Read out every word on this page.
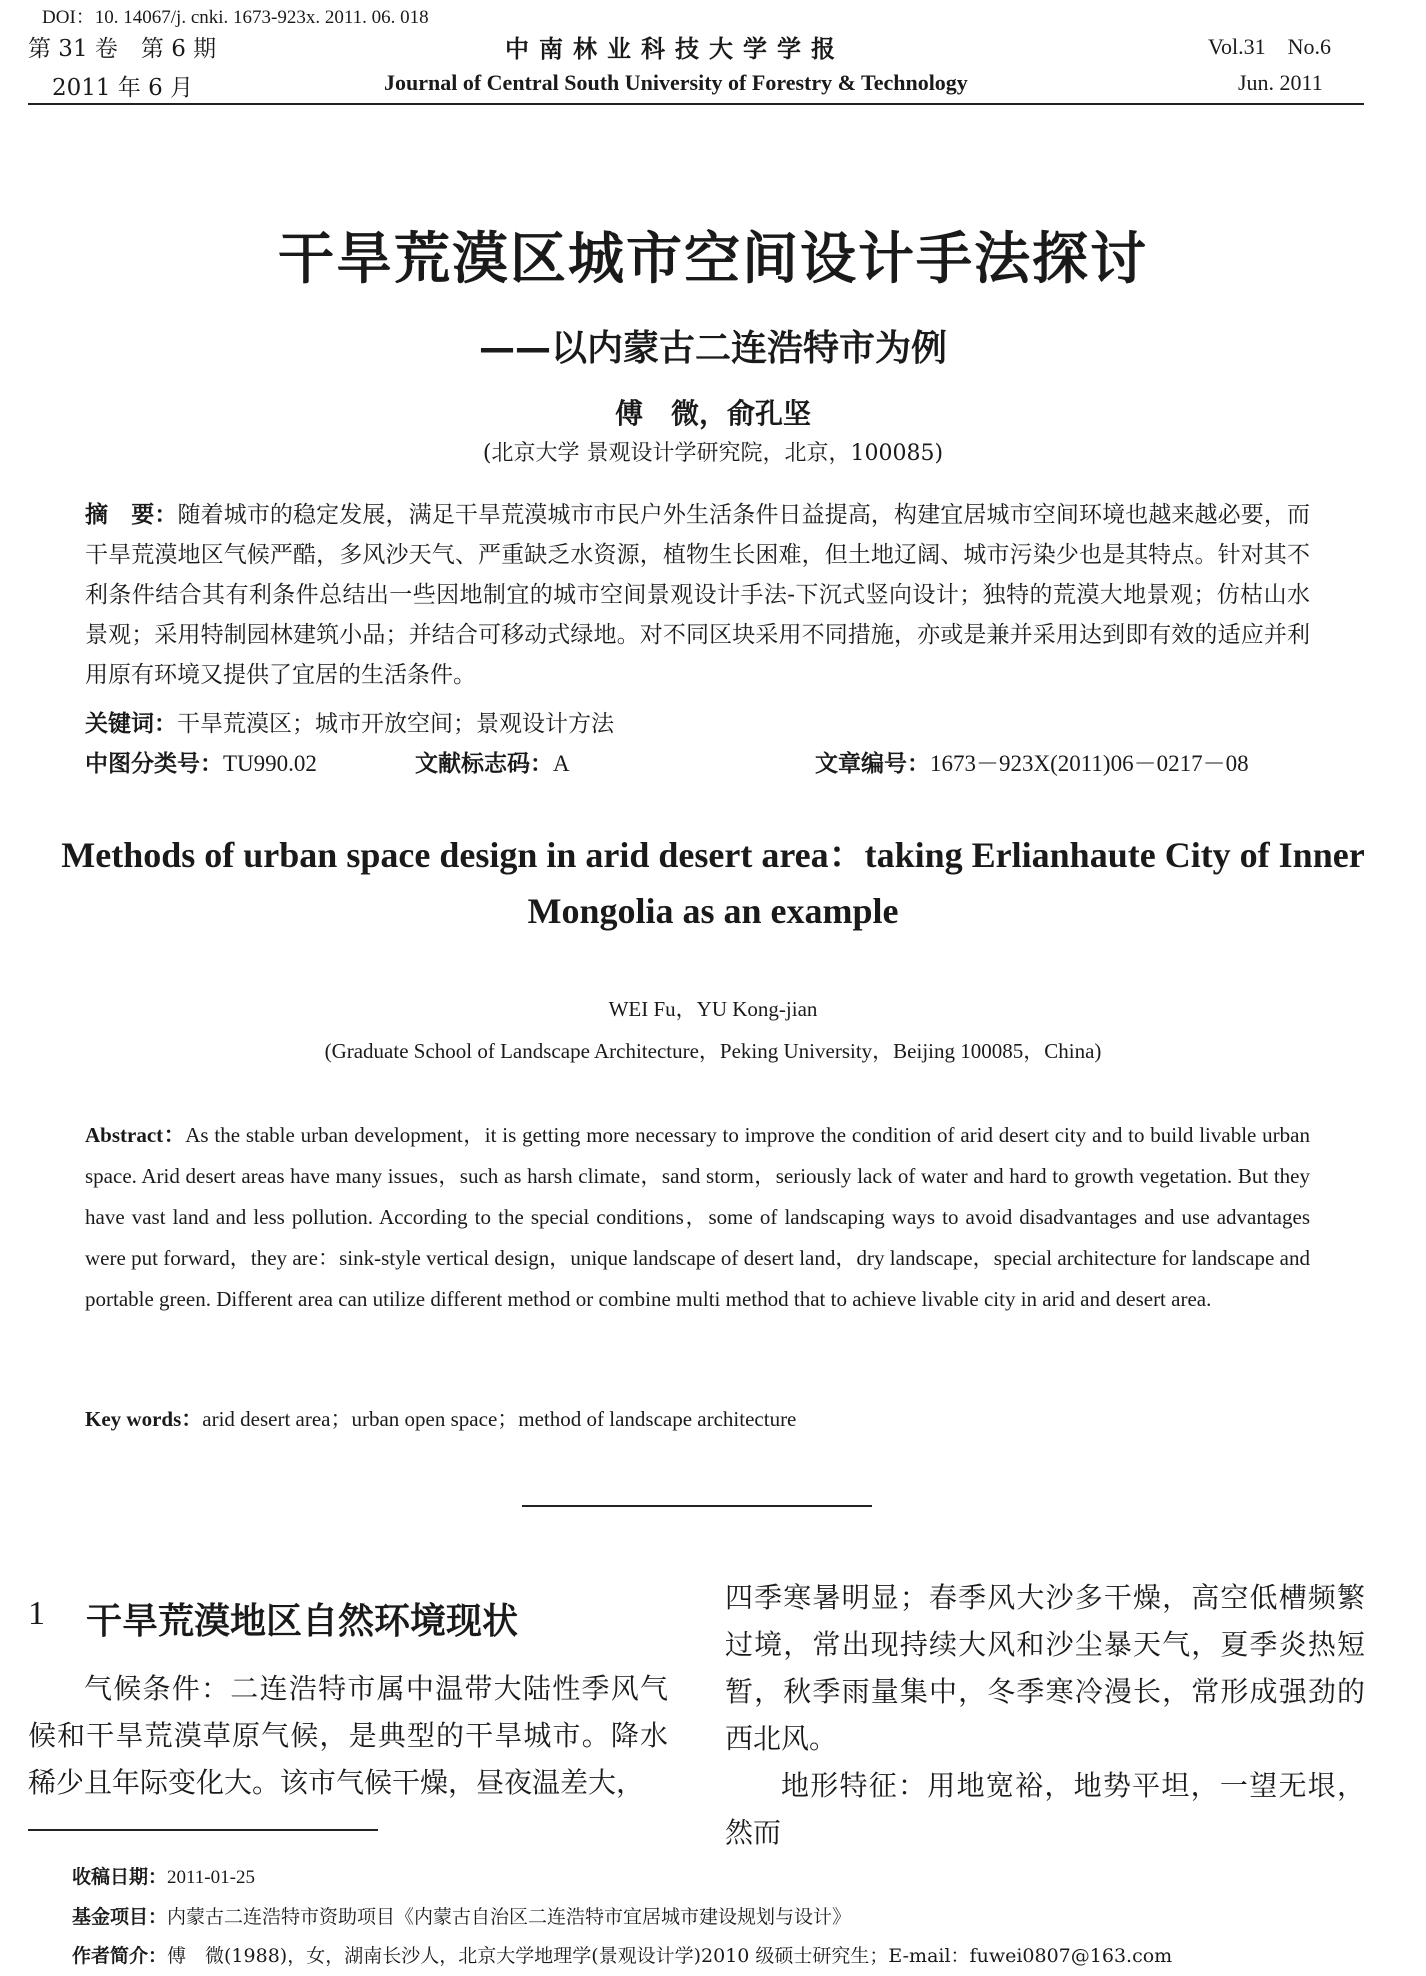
DOI：10. 14067/j. cnki. 1673-923x. 2011. 06. 018
第 31 卷　第 6 期	中南林业科技大学学报	Vol.31　No.6
2011 年 6 月	Journal of Central South University of Forestry & Technology	Jun. 2011
干旱荒漠区城市空间设计手法探讨
——以内蒙古二连浩特市为例
傅　微，俞孔坚
(北京大学 景观设计学研究院，北京，100085)
摘　要：随着城市的稳定发展，满足干旱荒漠城市市民户外生活条件日益提高，构建宜居城市空间环境也越来越必要，而干旱荒漠地区气候严酷，多风沙天气、严重缺乏水资源，植物生长困难，但土地辽阔、城市污染少也是其特点。针对其不利条件结合其有利条件总结出一些因地制宜的城市空间景观设计手法-下沉式竖向设计；独特的荒漠大地景观；仿枯山水景观；采用特制园林建筑小品；并结合可移动式绿地。对不同区块采用不同措施，亦或是兼并采用达到即有效的适应并利用原有环境又提供了宜居的生活条件。
关键词：干旱荒漠区；城市开放空间；景观设计方法
中图分类号：TU990.02	文献标志码：A	文章编号：1673－923X(2011)06－0217－08
Methods of urban space design in arid desert area：taking Erlianhaute City of Inner Mongolia as an example
WEI Fu，YU Kong-jian
(Graduate School of Landscape Architecture，Peking University，Beijing 100085，China)
Abstract：As the stable urban development，it is getting more necessary to improve the condition of arid desert city and to build livable urban space. Arid desert areas have many issues，such as harsh climate，sand storm，seriously lack of water and hard to growth vegetation. But they have vast land and less pollution. According to the special conditions，some of landscaping ways to avoid disadvantages and use advantages were put forward，they are：sink-style vertical design，unique landscape of desert land，dry landscape，special architecture for landscape and portable green. Different area can utilize different method or combine multi method that to achieve livable city in arid and desert area.
Key words：arid desert area；urban open space；method of landscape architecture
1 干旱荒漠地区自然环境现状
气候条件：二连浩特市属中温带大陆性季风气候和干旱荒漠草原气候，是典型的干旱城市。降水稀少且年际变化大。该市气候干燥，昼夜温差大，
四季寒暑明显；春季风大沙多干燥，高空低槽频繁过境，常出现持续大风和沙尘暴天气，夏季炎热短暂，秋季雨量集中，冬季寒冷漫长，常形成强劲的西北风。
地形特征：用地宽裕，地势平坦，一望无垠，然而
收稿日期：2011-01-25
基金项目：内蒙古二连浩特市资助项目《内蒙古自治区二连浩特市宜居城市建设规划与设计》
作者简介：傅　微(1988)，女，湖南长沙人，北京大学地理学(景观设计学)2010 级硕士研究生；E-mail：fuwei0807@163.com
